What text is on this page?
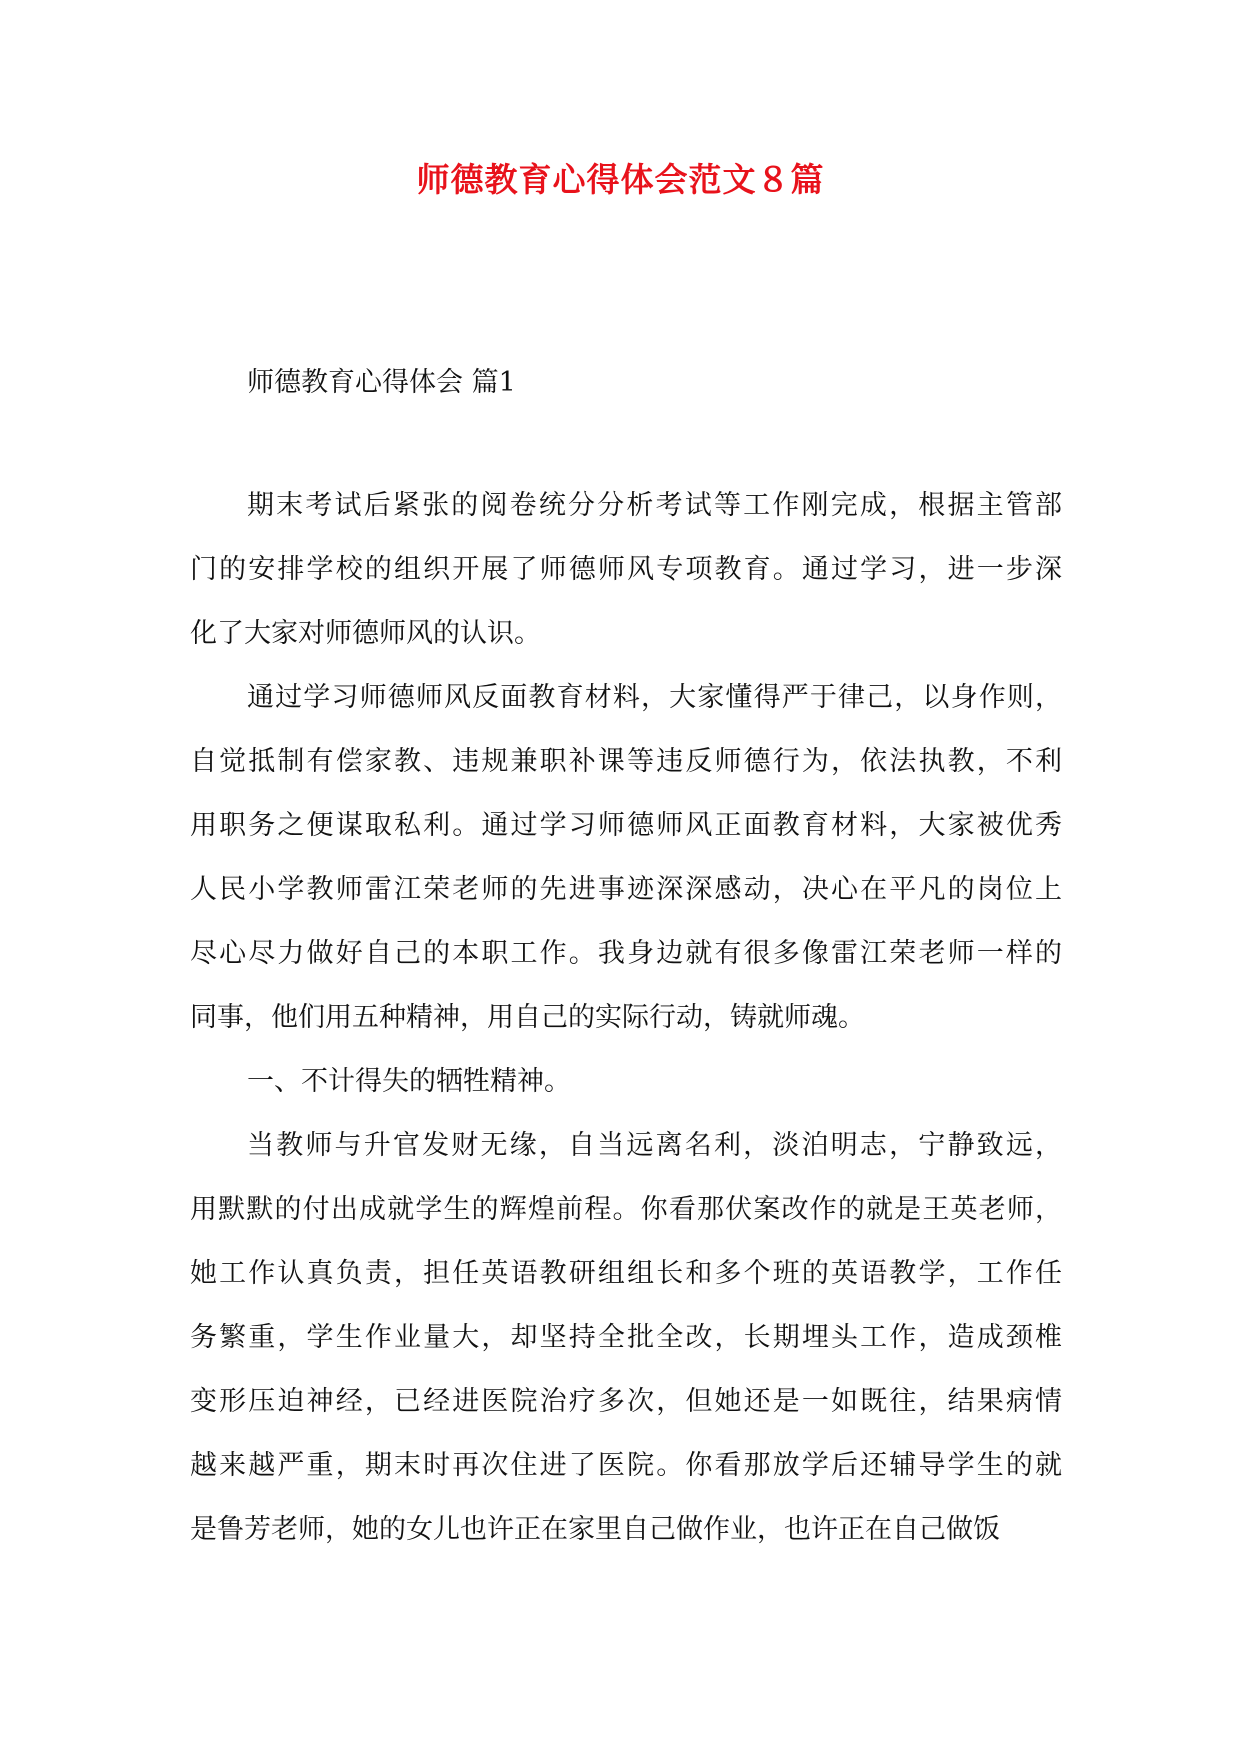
师德教育心得体会范文８篇
师德教育心得体会 篇1
期末考试后紧张的阅卷统分分析考试等工作刚完成，根据主管部
门的安排学校的组织开展了师德师风专项教育。通过学习，进一步深
化了大家对师德师风的认识。
通过学习师德师风反面教育材料，大家懂得严于律己，以身作则，
自觉抵制有偿家教、违规兼职补课等违反师德行为，依法执教，不利
用职务之便谋取私利。通过学习师德师风正面教育材料，大家被优秀
人民小学教师雷江荣老师的先进事迹深深感动，决心在平凡的岗位上
尽心尽力做好自己的本职工作。我身边就有很多像雷江荣老师一样的
同事，他们用五种精神，用自己的实际行动，铸就师魂。
一、不计得失的牺牲精神。
当教师与升官发财无缘，自当远离名利，淡泊明志，宁静致远，
用默默的付出成就学生的辉煌前程。你看那伏案改作的就是王英老师，
她工作认真负责，担任英语教研组组长和多个班的英语教学，工作任
务繁重，学生作业量大，却坚持全批全改，长期埋头工作，造成颈椎
变形压迫神经，已经进医院治疗多次，但她还是一如既往，结果病情
越来越严重，期末时再次住进了医院。你看那放学后还辅导学生的就
是鲁芳老师，她的女儿也许正在家里自己做作业，也许正在自己做饭
